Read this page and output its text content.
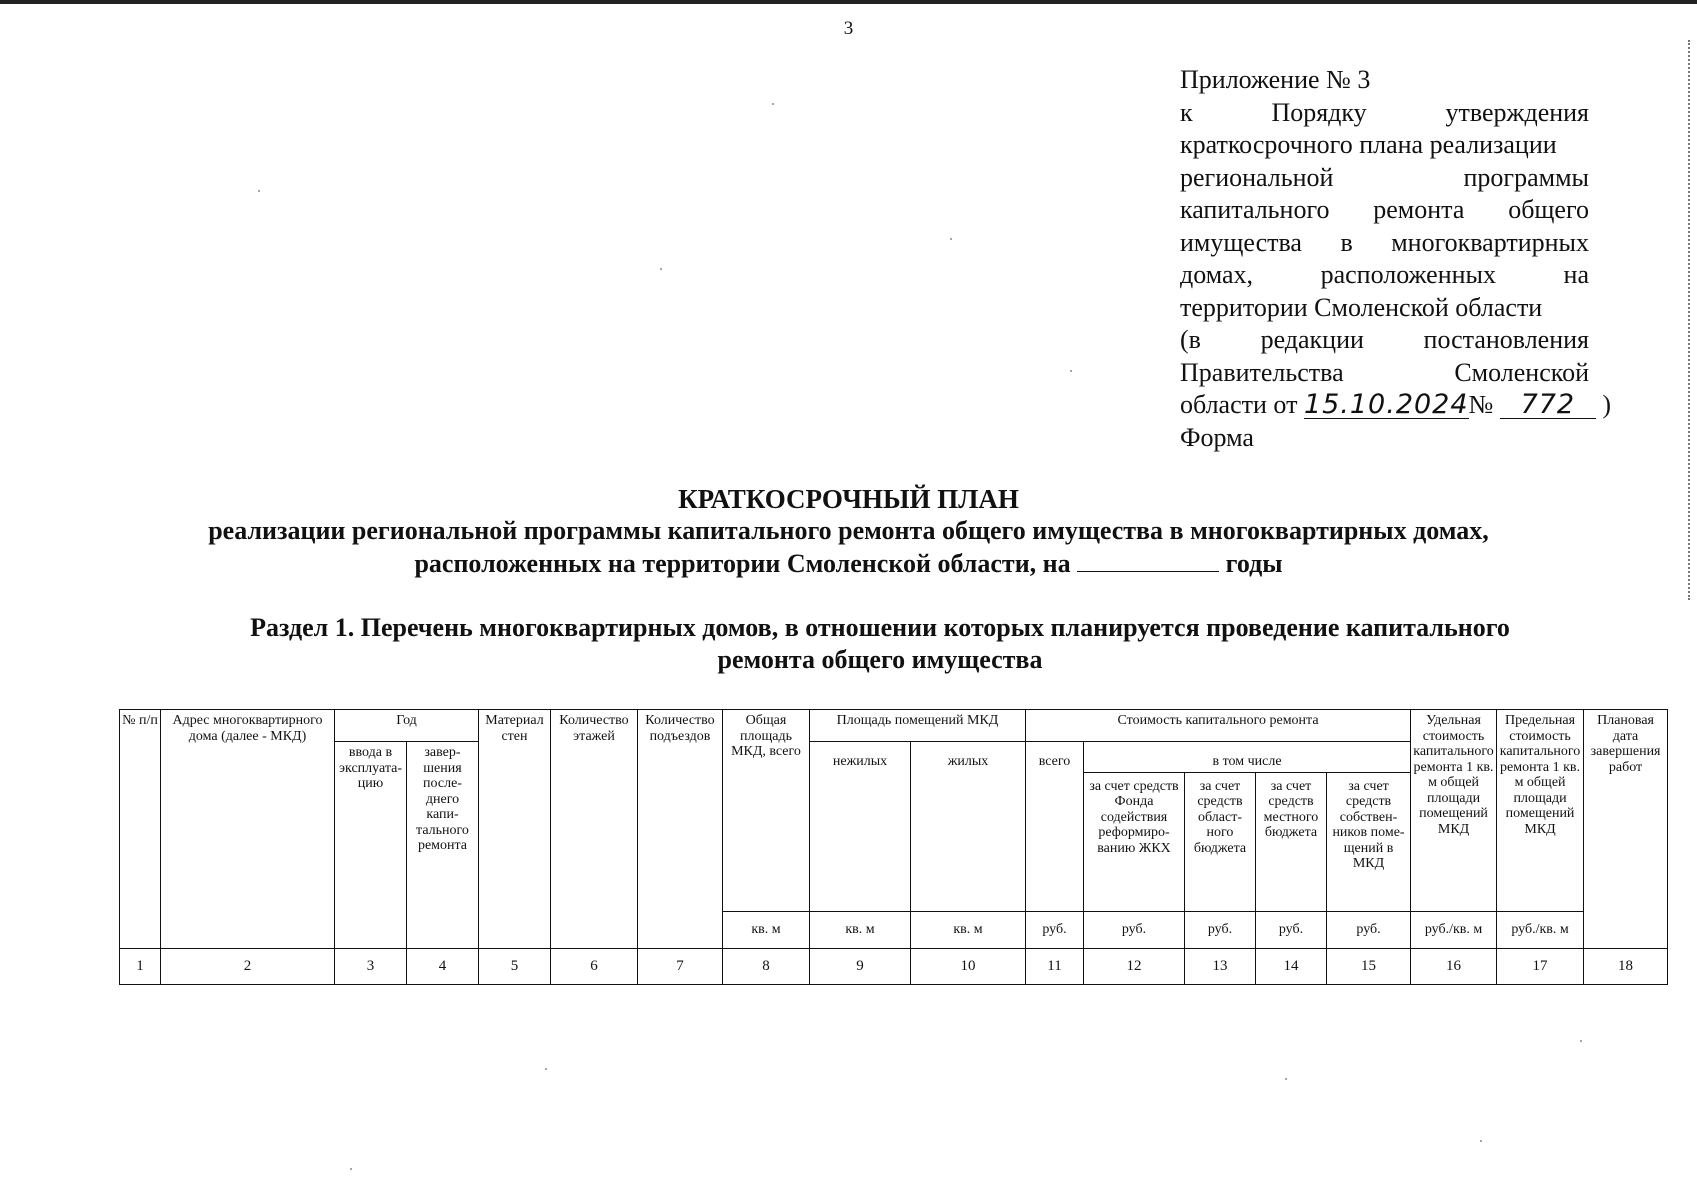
3
Приложение № 3
к	Порядку	утверждения
краткосрочного плана реализации
региональной	программы
капитального ремонта общего
имущества в многоквартирных
домах,	расположенных	на
территории Смоленской области
(в редакции постановления
Правительства	Смоленской
области от 15.10.2024№ 772 )
Форма
КРАТКОСРОЧНЫЙ ПЛАН
реализации региональной программы капитального ремонта общего имущества в многоквартирных домах,
расположенных на территории Смоленской области, на	годы
Раздел 1. Перечень многоквартирных домов, в отношении которых планируется проведение капитального
ремонта общего имущества
№ п/п	Адрес многоквартирного дома (далее - МКД)	Год		Материал стен	Количество этажей	Количество подъездов	Общая площадь МКД, всего	Площадь помещений МКД		Стоимость капитального ремонта					Удельная стоимость капитального ремонта 1 кв. м общей площади помещений МКД	Предельная стоимость капитального ремонта 1 кв. м общей площади помещений МКД	Плановая дата завершения работ
		ввода в эксплуатацию	завершения последнего капитального ремонта					нежилых	жилых	всего	в том числе						
											за счет средств Фонда содействия реформированию ЖКХ	за счет средств областного бюджета	за счет средств местного бюджета	за счет средств собственников помещений в МКД			
							кв. м	кв. м	кв. м	руб.	руб.	руб.	руб.	руб.	руб./кв. м	руб./кв. м	
1	2	3	4	5	6	7	8	9	10	11	12	13	14	15	16	17	18
